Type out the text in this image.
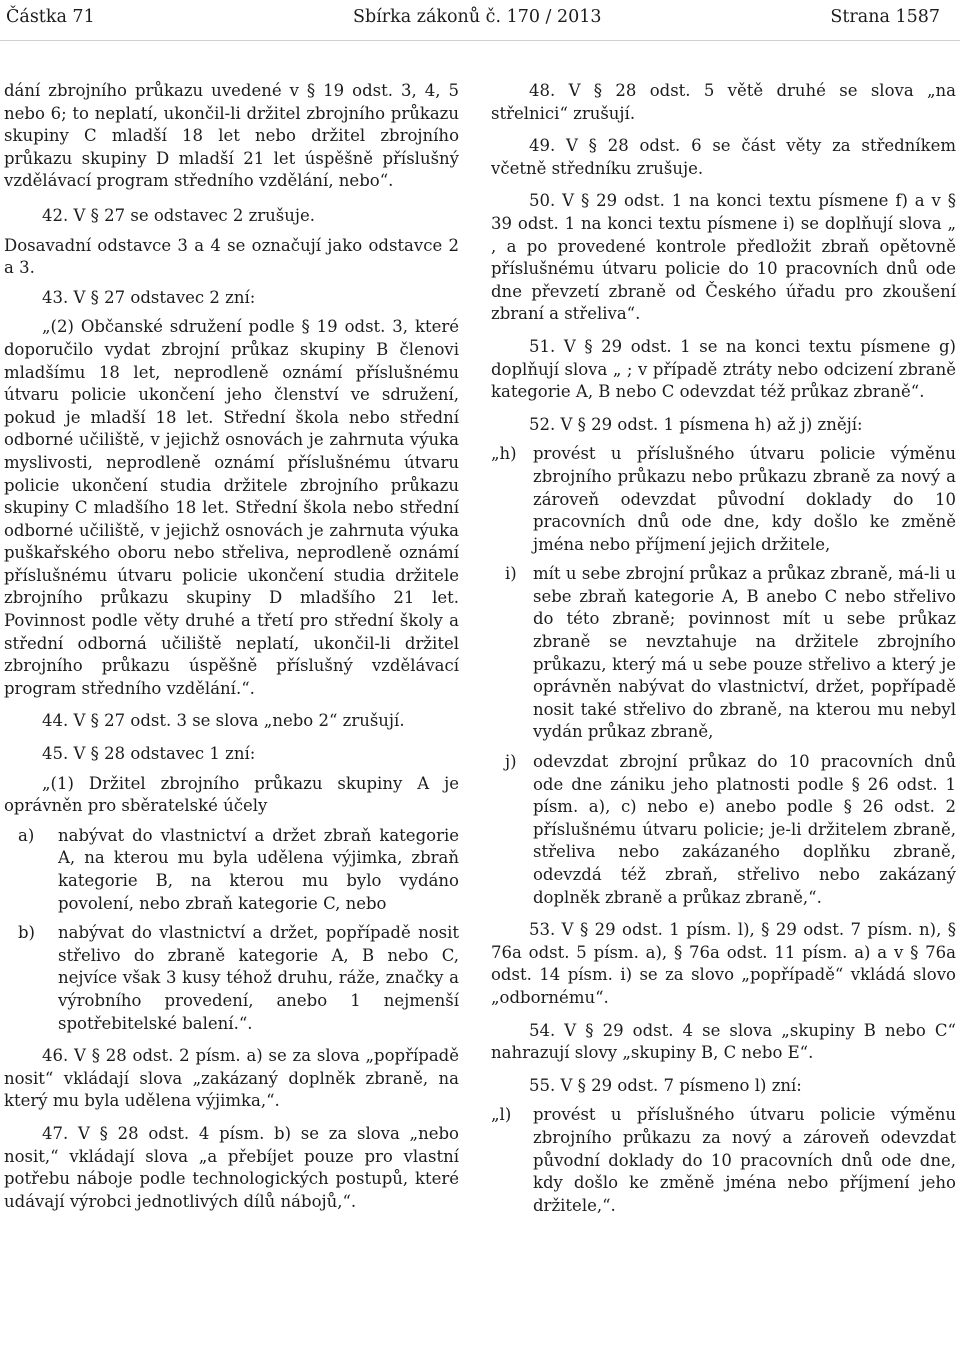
Částka 71	Sbírka zákonů č. 170 / 2013	Strana 1587

dání zbrojního průkazu uvedené v § 19 odst. 3, 4, 5 nebo 6; to neplatí, ukončil-li držitel zbrojního průkazu skupiny C mladší 18 let nebo držitel zbrojního průkazu skupiny D mladší 21 let úspěšně příslušný vzdělávací program středního vzdělání, nebo“.

42. V § 27 se odstavec 2 zrušuje.

Dosavadní odstavce 3 a 4 se označují jako odstavce 2 a 3.

43. V § 27 odstavec 2 zní:

„(2) Občanské sdružení podle § 19 odst. 3, které doporučilo vydat zbrojní průkaz skupiny B členovi mladšímu 18 let, neprodleně oznámí příslušnému útvaru policie ukončení jeho členství ve sdružení, pokud je mladší 18 let. Střední škola nebo střední odborné učiliště, v jejichž osnovách je zahrnuta výuka myslivosti, neprodleně oznámí příslušnému útvaru policie ukončení studia držitele zbrojního průkazu skupiny C mladšího 18 let. Střední škola nebo střední odborné učiliště, v jejichž osnovách je zahrnuta výuka puškařského oboru nebo střeliva, neprodleně oznámí příslušnému útvaru policie ukončení studia držitele zbrojního průkazu skupiny D mladšího 21 let. Povinnost podle věty druhé a třetí pro střední školy a střední odborná učiliště neplatí, ukončil-li držitel zbrojního průkazu úspěšně příslušný vzdělávací program středního vzdělání.“.

44. V § 27 odst. 3 se slova „nebo 2“ zrušují.

45. V § 28 odstavec 1 zní:

„(1) Držitel zbrojního průkazu skupiny A je oprávněn pro sběratelské účely

a)	nabývat do vlastnictví a držet zbraň kategorie A, na kterou mu byla udělena výjimka, zbraň kategorie B, na kterou mu bylo vydáno povolení, nebo zbraň kategorie C, nebo
b)	nabývat do vlastnictví a držet, popřípadě nosit střelivo do zbraně kategorie A, B nebo C, nejvíce však 3 kusy téhož druhu, ráže, značky a výrobního provedení, anebo 1 nejmenší spotřebitelské balení.“.

46. V § 28 odst. 2 písm. a) se za slova „popřípadě nosit“ vkládají slova „zakázaný doplněk zbraně, na který mu byla udělena výjimka,“.

47. V § 28 odst. 4 písm. b) se za slova „nebo nosit,“ vkládají slova „a přebíjet pouze pro vlastní potřebu náboje podle technologických postupů, které udávají výrobci jednotlivých dílů nábojů,“.

48. V § 28 odst. 5 větě druhé se slova „na střelnici“ zrušují.

49. V § 28 odst. 6 se část věty za středníkem včetně středníku zrušuje.

50. V § 29 odst. 1 na konci textu písmene f) a v § 39 odst. 1 na konci textu písmene i) se doplňují slova „ , a po provedené kontrole předložit zbraň opětovně příslušnému útvaru policie do 10 pracovních dnů ode dne převzetí zbraně od Českého úřadu pro zkoušení zbraní a střeliva“.

51. V § 29 odst. 1 se na konci textu písmene g) doplňují slova „ ; v případě ztráty nebo odcizení zbraně kategorie A, B nebo C odevzdat též průkaz zbraně“.

52. V § 29 odst. 1 písmena h) až j) znějí:

„h) provést u příslušného útvaru policie výměnu zbrojního průkazu nebo průkazu zbraně za nový a zároveň odevzdat původní doklady do 10 pracovních dnů ode dne, kdy došlo ke změně jména nebo příjmení jejich držitele,
i) mít u sebe zbrojní průkaz a průkaz zbraně, má-li u sebe zbraň kategorie A, B anebo C nebo střelivo do této zbraně; povinnost mít u sebe průkaz zbraně se nevztahuje na držitele zbrojního průkazu, který má u sebe pouze střelivo a který je oprávněn nabývat do vlastnictví, držet, popřípadě nosit také střelivo do zbraně, na kterou mu nebyl vydán průkaz zbraně,
j) odevzdat zbrojní průkaz do 10 pracovních dnů ode dne zániku jeho platnosti podle § 26 odst. 1 písm. a), c) nebo e) anebo podle § 26 odst. 2 příslušnému útvaru policie; je-li držitelem zbraně, střeliva nebo zakázaného doplňku zbraně, odevzdá též zbraň, střelivo nebo zakázaný doplněk zbraně a průkaz zbraně,“.

53. V § 29 odst. 1 písm. l), § 29 odst. 7 písm. n), § 76a odst. 5 písm. a), § 76a odst. 11 písm. a) a v § 76a odst. 14 písm. i) se za slovo „popřípadě“ vkládá slovo „odbornému“.

54. V § 29 odst. 4 se slova „skupiny B nebo C“ nahrazují slovy „skupiny B, C nebo E“.

55. V § 29 odst. 7 písmeno l) zní:

„l)	provést u příslušného útvaru policie výměnu zbrojního průkazu za nový a zároveň odevzdat původní doklady do 10 pracovních dnů ode dne, kdy došlo ke změně jména nebo příjmení jeho držitele,“.
